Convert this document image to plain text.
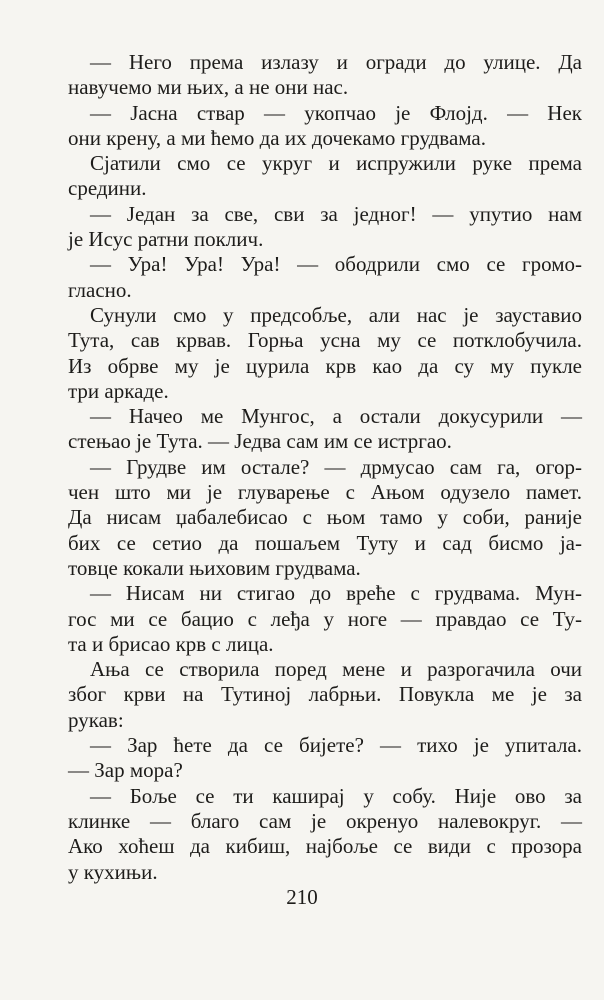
— Него према излазу и огради до улице. Да
навучемо ми њих, а не они нас.
— Јасна ствар — укопчао је Флојд. — Нек
они крену, а ми ћемо да их дочекамо грудвама.
Сјатили смо се укруг и испружили руке према
средини.
— Један за све, сви за једног! — упутио нам
је Исус ратни поклич.
— Ура! Ура! Ура! — ободрили смо се громо-
гласно.
Сунули смо у предсобље, али нас је зауставио
Тута, сав крвав. Горња усна му се потклобучила.
Из обрве му је цурила крв као да су му пукле
три аркаде.
— Начео ме Мунгос, а остали докусурили —
стењао је Тута. — Једва сам им се истргао.
— Грудве им остале? — дрмусао сам га, огор-
чен што ми је глуварење с Ањом одузело памет.
Да нисам џабалебисао с њом тамо у соби, раније
бих се сетио да пошаљем Туту и сад бисмо ја-
товце кокали њиховим грудвама.
— Нисам ни стигао до вреће с грудвама. Мун-
гос ми се бацио с леђа у ноге — правдао се Ту-
та и брисао крв с лица.
Ања се створила поред мене и разрогачила очи
због крви на Тутиној лабрњи. Повукла ме је за
рукав:
— Зар ћете да се бијете? — тихо је упитала.
— Зар мора?
— Боље се ти кашираj у собу. Није ово за
клинке — благо сам је окренуо налевокруг. —
Ако хоћеш да кибиш, најбоље се види с прозора
у кухињи.
210
